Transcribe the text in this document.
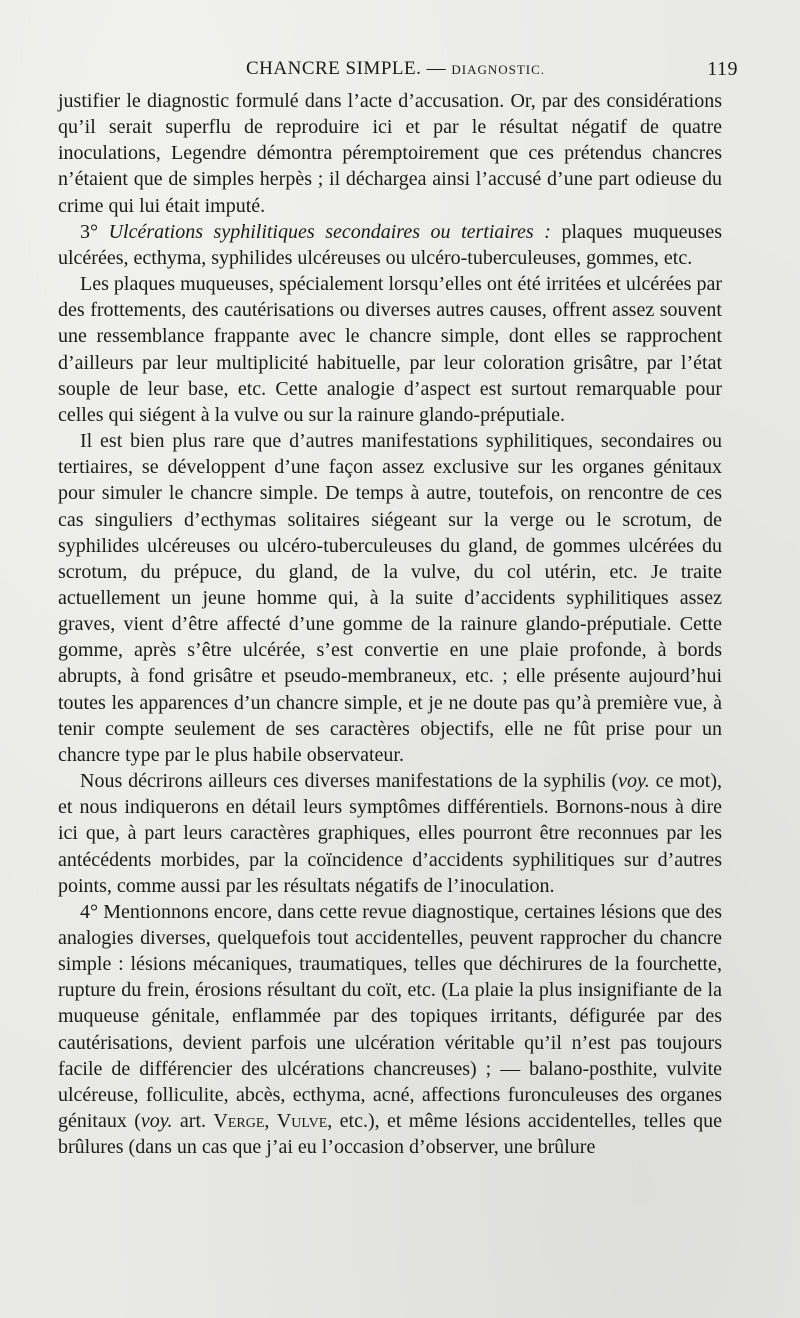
CHANCRE SIMPLE. — DIAGNOSTIC.	119

justifier le diagnostic formulé dans l’acte d’accusation. Or, par des considérations qu’il serait superflu de reproduire ici et par le résultat négatif de quatre inoculations, Legendre démontra péremptoirement que ces prétendus chancres n’étaient que de simples herpès ; il déchargea ainsi l’accusé d’une part odieuse du crime qui lui était imputé.

3° Ulcérations syphilitiques secondaires ou tertiaires : plaques muqueuses ulcérées, ecthyma, syphilides ulcéreuses ou ulcéro-tuberculeuses, gommes, etc.

Les plaques muqueuses, spécialement lorsqu’elles ont été irritées et ulcérées par des frottements, des cautérisations ou diverses autres causes, offrent assez souvent une ressemblance frappante avec le chancre simple, dont elles se rapprochent d’ailleurs par leur multiplicité habituelle, par leur coloration grisâtre, par l’état souple de leur base, etc. Cette analogie d’aspect est surtout remarquable pour celles qui siégent à la vulve ou sur la rainure glando-préputiale.

Il est bien plus rare que d’autres manifestations syphilitiques, secondaires ou tertiaires, se développent d’une façon assez exclusive sur les organes génitaux pour simuler le chancre simple. De temps à autre, toutefois, on rencontre de ces cas singuliers d’ecthymas solitaires siégeant sur la verge ou le scrotum, de syphilides ulcéreuses ou ulcéro-tuberculeuses du gland, de gommes ulcérées du scrotum, du prépuce, du gland, de la vulve, du col utérin, etc. Je traite actuellement un jeune homme qui, à la suite d’accidents syphilitiques assez graves, vient d’être affecté d’une gomme de la rainure glando-préputiale. Cette gomme, après s’être ulcérée, s’est convertie en une plaie profonde, à bords abrupts, à fond grisâtre et pseudo-membraneux, etc. ; elle présente aujourd’hui toutes les apparences d’un chancre simple, et je ne doute pas qu’à première vue, à tenir compte seulement de ses caractères objectifs, elle ne fût prise pour un chancre type par le plus habile observateur.

Nous décrirons ailleurs ces diverses manifestations de la syphilis (voy. ce mot), et nous indiquerons en détail leurs symptômes différentiels. Bornons-nous à dire ici que, à part leurs caractères graphiques, elles pourront être reconnues par les antécédents morbides, par la coïncidence d’accidents syphilitiques sur d’autres points, comme aussi par les résultats négatifs de l’inoculation.

4° Mentionnons encore, dans cette revue diagnostique, certaines lésions que des analogies diverses, quelquefois tout accidentelles, peuvent rapprocher du chancre simple : lésions mécaniques, traumatiques, telles que déchirures de la fourchette, rupture du frein, érosions résultant du coït, etc. (La plaie la plus insignifiante de la muqueuse génitale, enflammée par des topiques irritants, défigurée par des cautérisations, devient parfois une ulcération véritable qu’il n’est pas toujours facile de différencier des ulcérations chancreuses) ; — balano-posthite, vulvite ulcéreuse, folliculite, abcès, ecthyma, acné, affections furonculeuses des organes génitaux (voy. art. Verge, Vulve, etc.), et même lésions accidentelles, telles que brûlures (dans un cas que j’ai eu l’occasion d’observer, une brûlure
